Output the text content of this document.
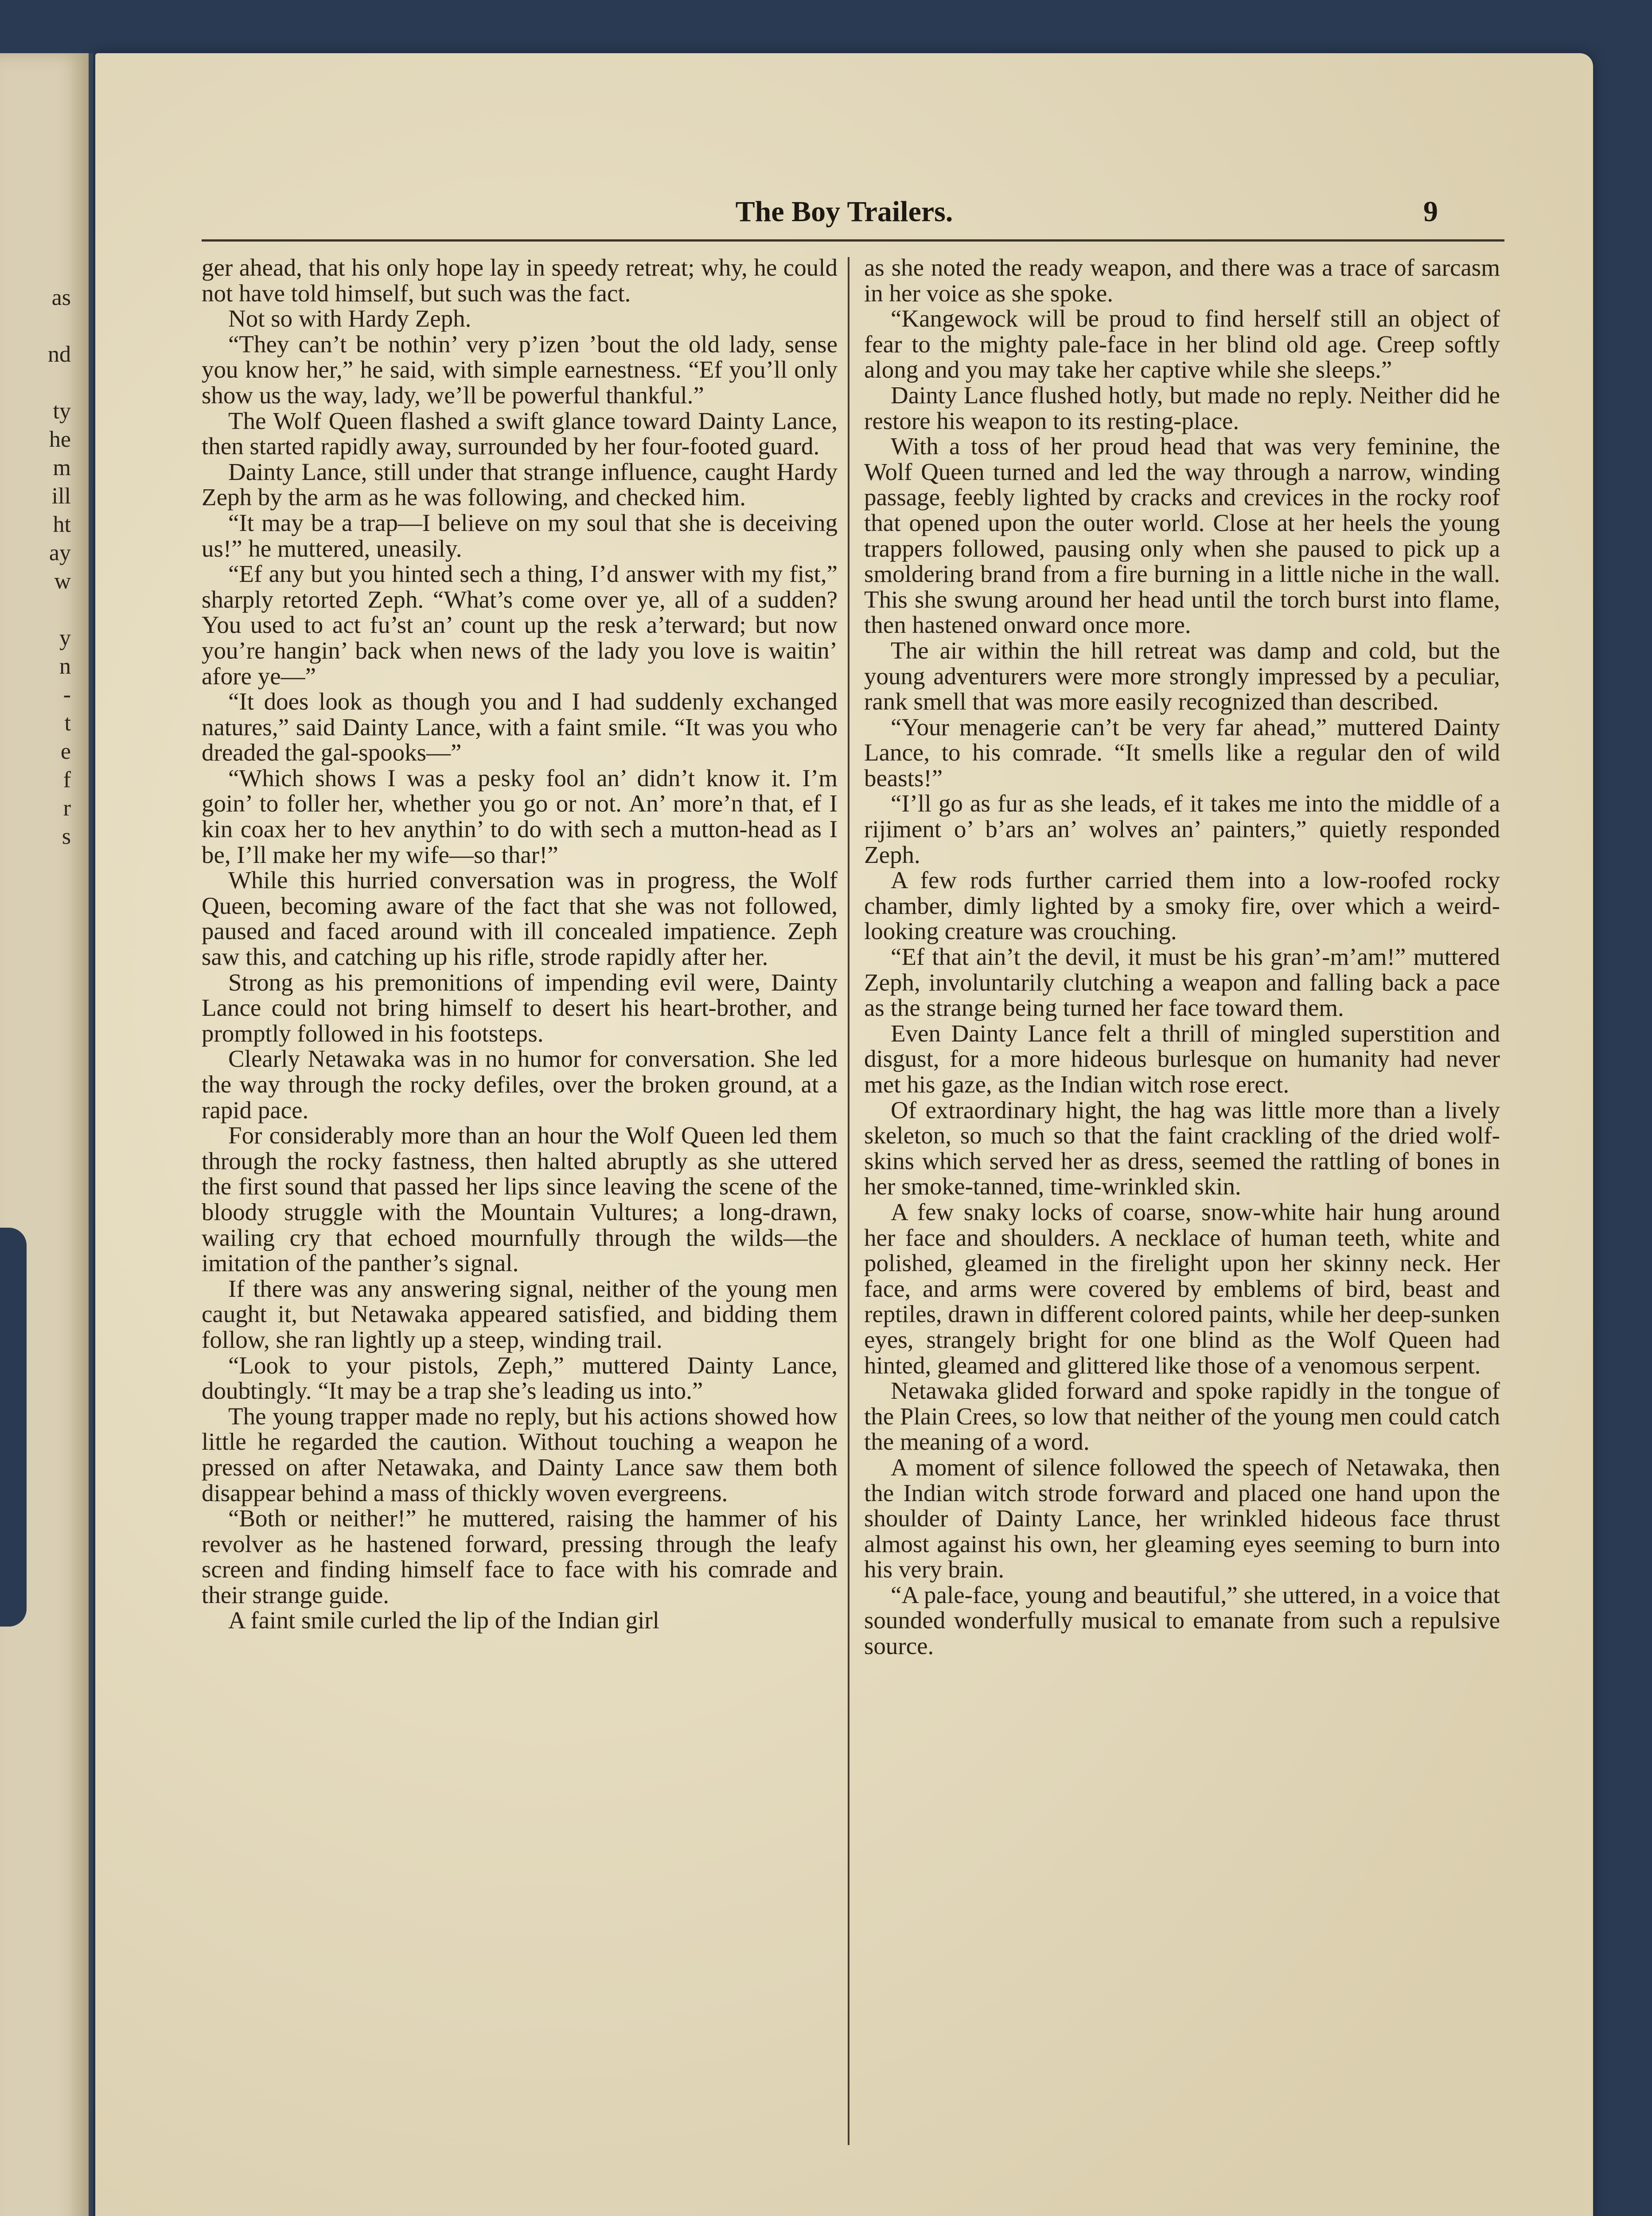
as

nd

ty
he
m
ill
ht
ay
w

y
n
-
t
e
f
r
s
The Boy Trailers.	9

ger ahead, that his only hope lay in speedy retreat; why, he could not have told himself, but such was the fact.

Not so with Hardy Zeph.

“They can’t be nothin’ very p’izen ’bout the old lady, sense you know her,” he said, with simple earnestness. “Ef you’ll only show us the way, lady, we’ll be powerful thankful.”

The Wolf Queen flashed a swift glance toward Dainty Lance, then started rapidly away, surrounded by her four-footed guard.

Dainty Lance, still under that strange influence, caught Hardy Zeph by the arm as he was following, and checked him.

“It may be a trap—I believe on my soul that she is deceiving us!” he muttered, uneasily.

“Ef any but you hinted sech a thing, I’d answer with my fist,” sharply retorted Zeph. “What’s come over ye, all of a sudden? You used to act fu’st an’ count up the resk a’terward; but now you’re hangin’ back when news of the lady you love is waitin’ afore ye—”

“It does look as though you and I had suddenly exchanged natures,” said Dainty Lance, with a faint smile. “It was you who dreaded the gal-spooks—”

“Which shows I was a pesky fool an’ didn’t know it. I’m goin’ to foller her, whether you go or not. An’ more’n that, ef I kin coax her to hev anythin’ to do with sech a mutton-head as I be, I’ll make her my wife—so thar!”

While this hurried conversation was in progress, the Wolf Queen, becoming aware of the fact that she was not followed, paused and faced around with ill concealed impatience. Zeph saw this, and catching up his rifle, strode rapidly after her.

Strong as his premonitions of impending evil were, Dainty Lance could not bring himself to desert his heart-brother, and promptly followed in his footsteps.

Clearly Netawaka was in no humor for conversation. She led the way through the rocky defiles, over the broken ground, at a rapid pace.

For considerably more than an hour the Wolf Queen led them through the rocky fastness, then halted abruptly as she uttered the first sound that passed her lips since leaving the scene of the bloody struggle with the Mountain Vultures; a long-drawn, wailing cry that echoed mournfully through the wilds—the imitation of the panther’s signal.

If there was any answering signal, neither of the young men caught it, but Netawaka appeared satisfied, and bidding them follow, she ran lightly up a steep, winding trail.

“Look to your pistols, Zeph,” muttered Dainty Lance, doubtingly. “It may be a trap she’s leading us into.”

The young trapper made no reply, but his actions showed how little he regarded the caution. Without touching a weapon he pressed on after Netawaka, and Dainty Lance saw them both disappear behind a mass of thickly woven evergreens.

“Both or neither!” he muttered, raising the hammer of his revolver as he hastened forward, pressing through the leafy screen and finding himself face to face with his comrade and their strange guide.

A faint smile curled the lip of the Indian girl

as she noted the ready weapon, and there was a trace of sarcasm in her voice as she spoke.

“Kangewock will be proud to find herself still an object of fear to the mighty pale-face in her blind old age. Creep softly along and you may take her captive while she sleeps.”

Dainty Lance flushed hotly, but made no reply. Neither did he restore his weapon to its resting-place.

With a toss of her proud head that was very feminine, the Wolf Queen turned and led the way through a narrow, winding passage, feebly lighted by cracks and crevices in the rocky roof that opened upon the outer world. Close at her heels the young trappers followed, pausing only when she paused to pick up a smoldering brand from a fire burning in a little niche in the wall. This she swung around her head until the torch burst into flame, then hastened onward once more.

The air within the hill retreat was damp and cold, but the young adventurers were more strongly impressed by a peculiar, rank smell that was more easily recognized than described.

“Your menagerie can’t be very far ahead,” muttered Dainty Lance, to his comrade. “It smells like a regular den of wild beasts!”

“I’ll go as fur as she leads, ef it takes me into the middle of a rijiment o’ b’ars an’ wolves an’ painters,” quietly responded Zeph.

A few rods further carried them into a low-roofed rocky chamber, dimly lighted by a smoky fire, over which a weird-looking creature was crouching.

“Ef that ain’t the devil, it must be his gran’-m’am!” muttered Zeph, involuntarily clutching a weapon and falling back a pace as the strange being turned her face toward them.

Even Dainty Lance felt a thrill of mingled superstition and disgust, for a more hideous burlesque on humanity had never met his gaze, as the Indian witch rose erect.

Of extraordinary hight, the hag was little more than a lively skeleton, so much so that the faint crackling of the dried wolf-skins which served her as dress, seemed the rattling of bones in her smoke-tanned, time-wrinkled skin.

A few snaky locks of coarse, snow-white hair hung around her face and shoulders. A necklace of human teeth, white and polished, gleamed in the firelight upon her skinny neck. Her face, and arms were covered by emblems of bird, beast and reptiles, drawn in different colored paints, while her deep-sunken eyes, strangely bright for one blind as the Wolf Queen had hinted, gleamed and glittered like those of a venomous serpent.

Netawaka glided forward and spoke rapidly in the tongue of the Plain Crees, so low that neither of the young men could catch the meaning of a word.

A moment of silence followed the speech of Netawaka, then the Indian witch strode forward and placed one hand upon the shoulder of Dainty Lance, her wrinkled hideous face thrust almost against his own, her gleaming eyes seeming to burn into his very brain.

“A pale-face, young and beautiful,” she uttered, in a voice that sounded wonderfully musical to emanate from such a repulsive source.
